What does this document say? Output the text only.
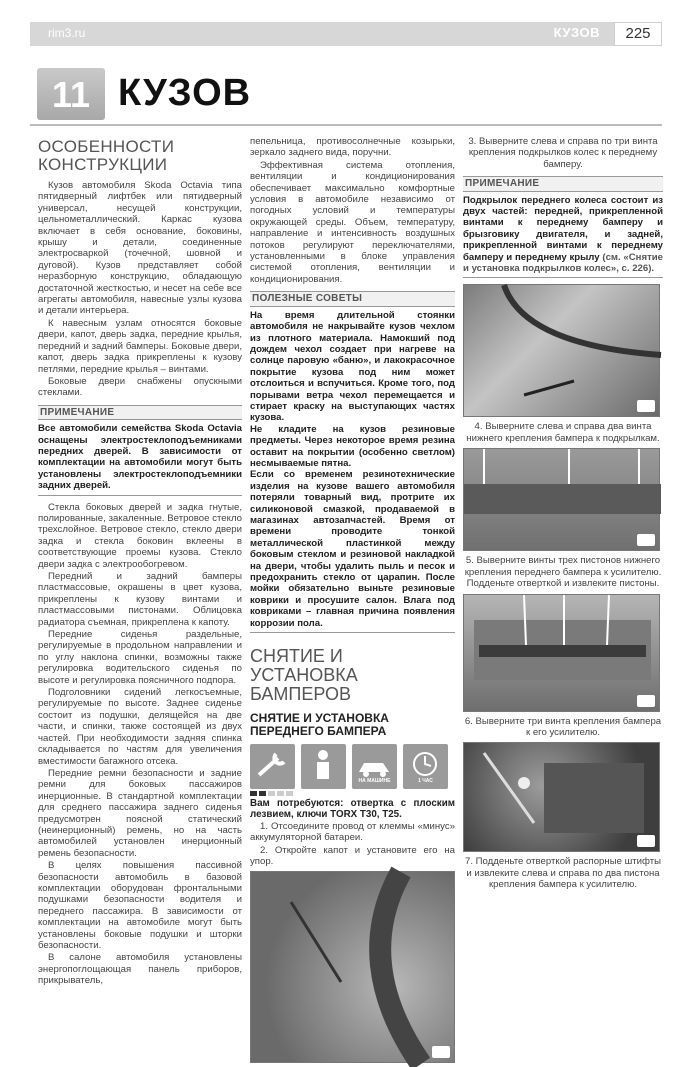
rim3.ru	КУЗОВ	225
11 КУЗОВ
ОСОБЕННОСТИ КОНСТРУКЦИИ

Кузов автомобиля Skoda Octavia типа пятидверный лифтбек или пятидверный универсал, несущей конструкции, цельнометаллический. Каркас кузова включает в себя основание, боковины, крышу и детали, соединенные электросваркой (точечной, шовной и дуговой). Кузов представляет собой неразборную конструкцию, обладающую достаточной жесткостью, и несет на себе все агрегаты автомобиля, навесные узлы кузова и детали интерьера.

К навесным узлам относятся боковые двери, капот, дверь задка, передние крылья, передний и задний бамперы. Боковые двери, капот, дверь задка прикреплены к кузову петлями, передние крылья – винтами.

Боковые двери снабжены опускными стеклами.

ПРИМЕЧАНИЕ

Все автомобили семейства Skoda Octavia оснащены электростеклоподъемниками передних дверей. В зависимости от комплектации на автомобили могут быть установлены электростеклоподъемники задних дверей.

Стекла боковых дверей и задка гнутые, полированные, закаленные. Ветровое стекло трехслойное. Ветровое стекло, стекло двери задка и стекла боковин вклеены в соответствующие проемы кузова. Стекло двери задка с электрообогревом.

Передний и задний бамперы пластмассовые, окрашены в цвет кузова, прикреплены к кузову винтами и пластмассовыми пистонами. Облицовка радиатора съемная, прикреплена к капоту.

Передние сиденья раздельные, регулируемые в продольном направлении и по углу наклона спинки, возможны также регулировка водительского сиденья по высоте и регулировка поясничного подпора.

Подголовники сидений легкосъемные, регулируемые по высоте. Заднее сиденье состоит из подушки, делящейся на две части, и спинки, также состоящей из двух частей. При необходимости задняя спинка складывается по частям для увеличения вместимости багажного отсека.

Передние ремни безопасности и задние ремни для боковых пассажиров инерционные. В стандартной комплектации для среднего пассажира заднего сиденья предусмотрен поясной статический (неинерционный) ремень, но на часть автомобилей установлен инерционный ремень безопасности.

В целях повышения пассивной безопасности автомобиль в базовой комплектации оборудован фронтальными подушками безопасности водителя и переднего пассажира. В зависимости от комплектации на автомобиле могут быть установлены боковые подушки и шторки безопасности.

В салоне автомобиля установлены энергопоглощающая панель приборов, прикрыватель,

пепельница, противосолнечные козырьки, зеркало заднего вида, поручни.

Эффективная система отопления, вентиляции и кондиционирования обеспечивает максимально комфортные условия в автомобиле независимо от погодных условий и температуры окружающей среды. Объем, температуру, направление и интенсивность воздушных потоков регулируют переключателями, установленными в блоке управления системой отопления, вентиляции и кондиционирования.

ПОЛЕЗНЫЕ СОВЕТЫ

На время длительной стоянки автомобиля не накрывайте кузов чехлом из плотного материала. Намокший под дождем чехол создает при нагреве на солнце паровую «баню», и лакокрасочное покрытие кузова под ним может отслоиться и вспучиться. Кроме того, под порывами ветра чехол перемещается и стирает краску на выступающих частях кузова.

Не кладите на кузов резиновые предметы. Через некоторое время резина оставит на покрытии (особенно светлом) несмываемые пятна.

Если со временем резинотехнические изделия на кузове вашего автомобиля потеряли товарный вид, протрите их силиконовой смазкой, продаваемой в магазинах автозапчастей. Время от времени проводите тонкой металлической пластинкой между боковым стеклом и резиновой накладкой на двери, чтобы удалить пыль и песок и предохранить стекло от царапин. После мойки обязательно выньте резиновые коврики и просушите салон. Влага под ковриками – главная причина появления коррозии пола.

СНЯТИЕ И УСТАНОВКА БАМПЕРОВ
СНЯТИЕ И УСТАНОВКА ПЕРЕДНЕГО БАМПЕРА
НА МАШИНЕ	1 ЧАС

Вам потребуются: отвертка с плоским лезвием, ключи TORX T30, T25.

1. Отсоедините провод от клеммы «минус» аккумуляторной батареи.

2. Откройте капот и установите его на упор.

3. Выверните слева и справа по три винта крепления подкрылков колес к переднему бамперу.

ПРИМЕЧАНИЕ

Подкрылок переднего колеса состоит из двух частей: передней, прикрепленной винтами к переднему бамперу и брызговику двигателя, и задней, прикрепленной винтами к переднему бамперу и переднему крылу (см. «Снятие и установка подкрылков колес», с. 226).

4. Выверните слева и справа два винта нижнего крепления бампера к подкрылкам.

5. Выверните винты трех пистонов нижнего крепления переднего бампера к усилителю. Подденьте отверткой и извлеките пистоны.

6. Выверните три винта крепления бампера к его усилителю.

7. Подденьте отверткой распорные штифты и извлеките слева и справа по два пистона крепления бампера к усилителю.
